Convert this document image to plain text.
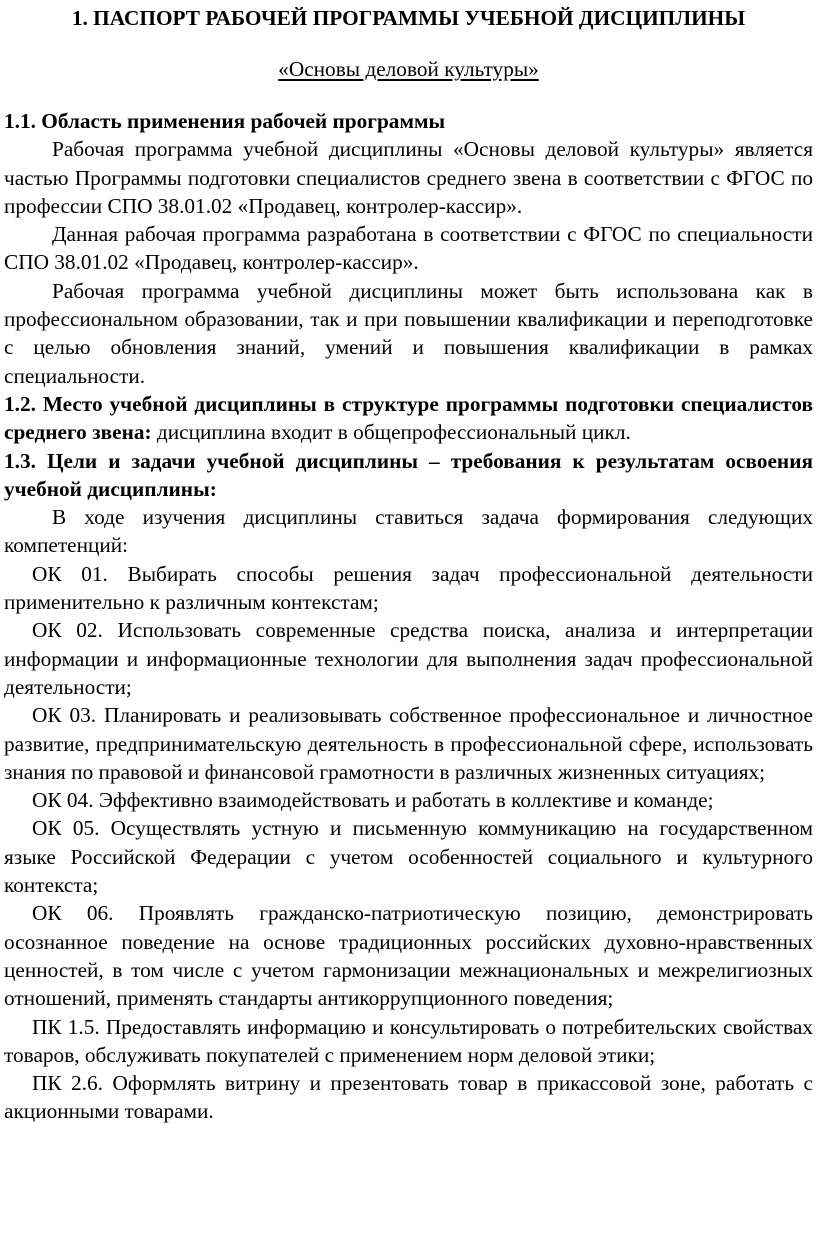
1. ПАСПОРТ РАБОЧЕЙ ПРОГРАММЫ УЧЕБНОЙ ДИСЦИПЛИНЫ
«Основы деловой культуры»
1.1. Область применения рабочей программы

Рабочая программа учебной дисциплины «Основы деловой культуры» является частью Программы подготовки специалистов среднего звена в соответствии с ФГОС по профессии СПО 38.01.02 «Продавец, контролер-кассир».

Данная рабочая программа разработана в соответствии с ФГОС по специальности СПО 38.01.02 «Продавец, контролер-кассир».

Рабочая программа учебной дисциплины может быть использована как в профессиональном образовании, так и при повышении квалификации и переподготовке с целью обновления знаний, умений и повышения квалификации в рамках специальности.

1.2. Место учебной дисциплины в структуре программы подготовки специалистов среднего звена: дисциплина входит в общепрофессиональный цикл.

1.3. Цели и задачи учебной дисциплины – требования к результатам освоения учебной дисциплины:

В ходе изучения дисциплины ставиться задача формирования следующих компетенций:

ОК 01. Выбирать способы решения задач профессиональной деятельности применительно к различным контекстам;

ОК 02. Использовать современные средства поиска, анализа и интерпретации информации и информационные технологии для выполнения задач профессиональной деятельности;

ОК 03. Планировать и реализовывать собственное профессиональное и личностное развитие, предпринимательскую деятельность в профессиональной сфере, использовать знания по правовой и финансовой грамотности в различных жизненных ситуациях;

ОК 04. Эффективно взаимодействовать и работать в коллективе и команде;

ОК 05. Осуществлять устную и письменную коммуникацию на государственном языке Российской Федерации с учетом особенностей социального и культурного контекста;

ОК 06. Проявлять гражданско-патриотическую позицию, демонстрировать осознанное поведение на основе традиционных российских духовно-нравственных ценностей, в том числе с учетом гармонизации межнациональных и межрелигиозных отношений, применять стандарты антикоррупционного поведения;

ПК 1.5. Предоставлять информацию и консультировать о потребительских свойствах товаров, обслуживать покупателей с применением норм деловой этики;

ПК 2.6. Оформлять витрину и презентовать товар в прикассовой зоне, работать с акционными товарами.
